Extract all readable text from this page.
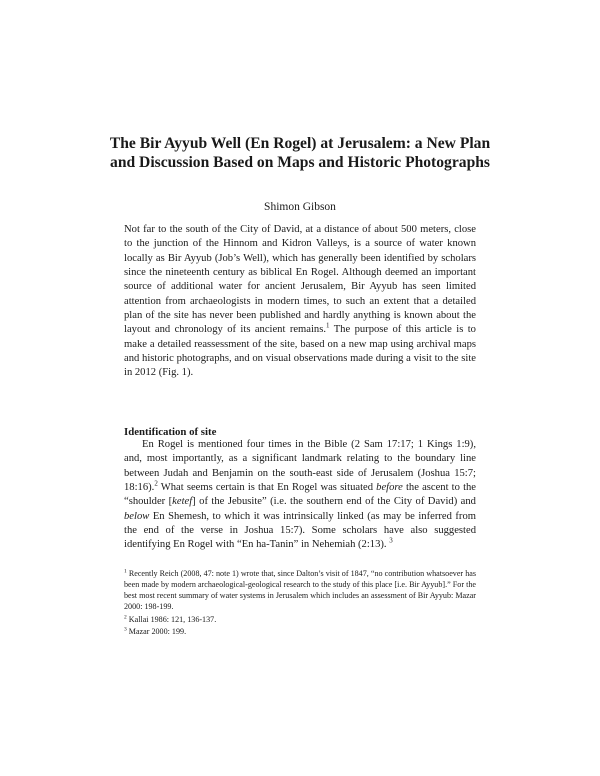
The Bir Ayyub Well (En Rogel) at Jerusalem: a New Plan and Discussion Based on Maps and Historic Photographs

Shimon Gibson

Not far to the south of the City of David, at a distance of about 500 meters, close to the junction of the Hinnom and Kidron Valleys, is a source of water known locally as Bir Ayyub (Job’s Well), which has generally been identified by scholars since the nineteenth century as biblical En Rogel. Although deemed an important source of additional water for ancient Jerusalem, Bir Ayyub has seen limited attention from archaeologists in modern times, to such an extent that a detailed plan of the site has never been published and hardly anything is known about the layout and chronology of its ancient remains.$^1$ The purpose of this article is to make a detailed reassessment of the site, based on a new map using archival maps and historic photographs, and on visual observations made during a visit to the site in 2012 (Fig. 1).

Identification of site

En Rogel is mentioned four times in the Bible (2 Sam 17:17; 1 Kings 1:9), and, most importantly, as a significant landmark relating to the boundary line between Judah and Benjamin on the south-east side of Jerusalem (Joshua 15:7; 18:16).$^2$ What seems certain is that En Rogel was situated before the ascent to the “shoulder [ketef] of the Jebusite” (i.e. the southern end of the City of David) and below En Shemesh, to which it was intrinsically linked (as may be inferred from the end of the verse in Joshua 15:7). Some scholars have also suggested identifying En Rogel with “En ha-Tanin” in Nehemiah (2:13). $^3$

$^1$ Recently Reich (2008, 47: note 1) wrote that, since Dalton’s visit of 1847, “no contribution whatsoever has been made by modern archaeological-geological research to the study of this place [i.e. Bir Ayyub].” For the best most recent summary of water systems in Jerusalem which includes an assessment of Bir Ayyub: Mazar 2000: 198-199.

$^2$ Kallai 1986: 121, 136-137.

$^3$ Mazar 2000: 199.
